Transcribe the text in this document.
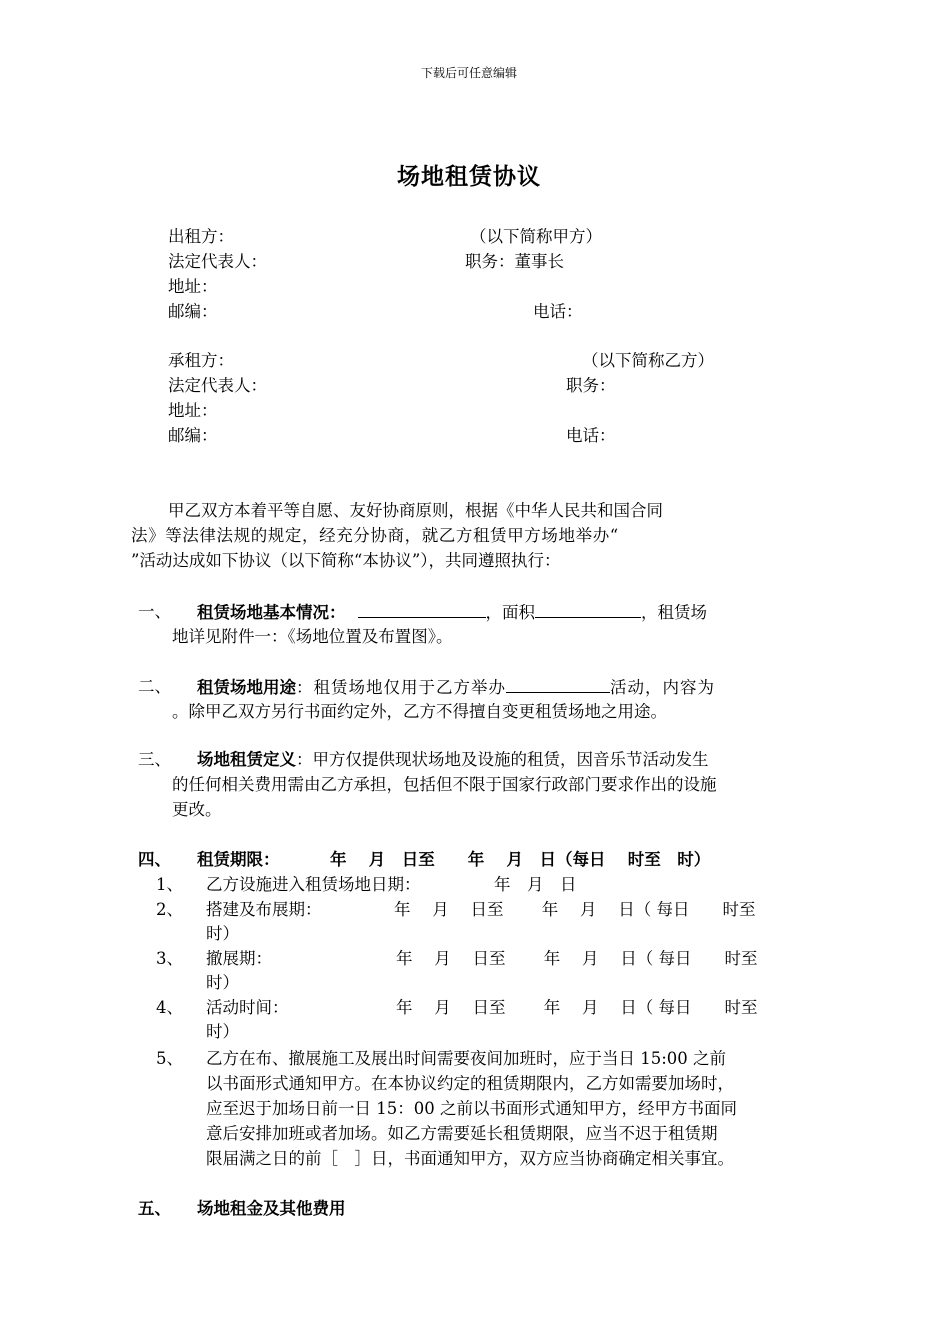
下载后可任意编辑
场地租赁协议
出租方：	（以下简称甲方）
法定代表人：	职务：董事长
地址：
邮编：	电话：
承租方：	（以下简称乙方）
法定代表人：	职务：
地址：
邮编：	电话：
甲乙双方本着平等自愿、友好协商原则，根据《中华人民共和国合同
法》等法律法规的规定，经充分协商，就乙方租赁甲方场地举办“
”活动达成如下协议（以下简称“本协议”），共同遵照执行：
一、 租赁场地基本情况：	，面积	，租赁场
地详见附件一：《场地位置及布置图》。
二、 租赁场地用途：租赁场地仅用于乙方举办	活动，内容为
。除甲乙双方另行书面约定外，乙方不得擅自变更租赁场地之用途。
三、 场地租赁定义：甲方仅提供现状场地及设施的租赁，因音乐节活动发生
的任何相关费用需由乙方承担，包括但不限于国家行政部门要求作出的设施
更改。
四、 租赁期限：	年　 月　日至　　年　 月　日（每日　 时至　时）
1、 乙方设施进入租赁场地日期：	年　月　日
2、 搭建及布展期：	年　 月　 日至　　 年　 月　 日（ 每日　　时至
时）
3、 撤展期：	年　 月　 日至　　 年　 月　 日（ 每日　　时至
时）
4、 活动时间：	年　 月　 日至　　 年　 月　 日（ 每日　　时至
时）
5、 乙方在布、撤展施工及展出时间需要夜间加班时，应于当日 15:00 之前
以书面形式通知甲方。在本协议约定的租赁期限内，乙方如需要加场时，
应至迟于加场日前一日 15：00 之前以书面形式通知甲方，经甲方书面同
意后安排加班或者加场。如乙方需要延长租赁期限，应当不迟于租赁期
限届满之日的前［　］日，书面通知甲方，双方应当协商确定相关事宜。
五、 场地租金及其他费用
